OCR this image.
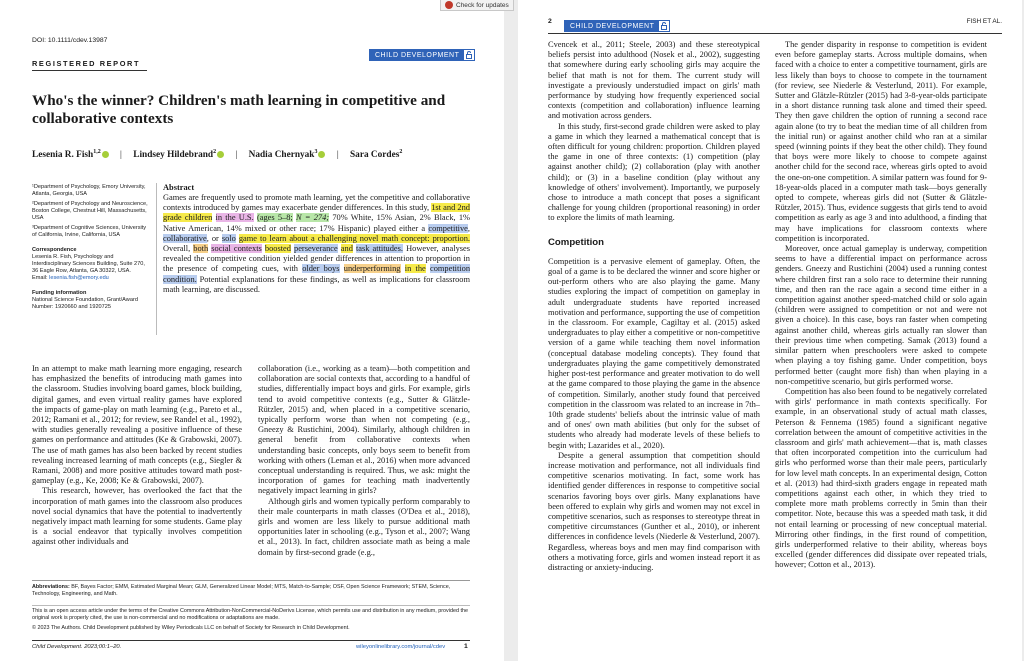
Check for updates
DOI: 10.1111/cdev.13987
CHILD DEVELOPMENT
REGISTERED REPORT
Who's the winner? Children's math learning in competitive and collaborative contexts
Lesenia R. Fish$^{1,2}$ | Lindsey Hildebrand$^2$ | Nadia Chernyak$^3$ | Sara Cordes$^2$
¹Department of Psychology, Emory University, Atlanta, Georgia, USA
²Department of Psychology and Neuroscience, Boston College, Chestnut Hill, Massachusetts, USA
³Department of Cognitive Sciences, University of California, Irvine, California, USA
Correspondence
Lesenia R. Fish, Psychology and Interdisciplinary Sciences Building, Suite 270, 36 Eagle Row, Atlanta, GA 30322, USA.
Email: lesenia.fish@emory.edu
Funding information
National Science Foundation, Grant/Award Number: 1920660 and 1920725
Abstract
Games are frequently used to promote math learning, yet the competitive and collaborative contexts introduced by games may exacerbate gender differences. In this study, 1st and 2nd grade children in the U.S. (ages 5–8; N = 274; 70% White, 15% Asian, 2% Black, 1% Native American, 14% mixed or other race; 17% Hispanic) played either a competitive, collaborative, or solo game to learn about a challenging novel math concept: proportion. Overall, both social contexts boosted perseverance and task attitudes. However, analyses revealed the competitive condition yielded gender differences in attention to proportion in the presence of competing cues, with older boys underperforming in the competition condition. Potential explanations for these findings, as well as implications for classroom math learning, are discussed.

In an attempt to make math learning more engaging, research has emphasized the benefits of introducing math games into the classroom. Studies involving board games, block building, digital games, and even virtual reality games have explored the impacts of game-play on math learning (e.g., Pareto et al., 2012; Ramani et al., 2012; for review, see Randel et al., 1992), with studies generally revealing a positive influence of these games on performance and attitudes (Ke & Grabowski, 2007). The use of math games has also been backed by recent studies revealing increased learning of math concepts (e.g., Siegler & Ramani, 2008) and more positive attitudes toward math post-gameplay (e.g., Ke, 2008; Ke & Grabowski, 2007).

This research, however, has overlooked the fact that the incorporation of math games into the classroom also produces novel social dynamics that have the potential to inadvertently negatively impact math learning for some students. Game play is a social endeavor that typically involves competition against other individuals and

collaboration (i.e., working as a team)—both competition and collaboration are social contexts that, according to a handful of studies, differentially impact boys and girls. For example, girls tend to avoid competitive contexts (e.g., Sutter & Glätzle-Rützler, 2015) and, when placed in a competitive scenario, typically perform worse than when not competing (e.g., Gneezy & Rustichini, 2004). Similarly, although children in general benefit from collaborative contexts when understanding basic concepts, only boys seem to benefit from working with others (Leman et al., 2016) when more advanced conceptual understanding is required. Thus, we ask: might the incorporation of games for teaching math inadvertently negatively impact learning in girls?

Although girls and women typically perform comparably to their male counterparts in math classes (O'Dea et al., 2018), girls and women are less likely to pursue additional math opportunities later in schooling (e.g., Tyson et al., 2007; Wang et al., 2013). In fact, children associate math as being a male domain by first-second grade (e.g.,

Abbreviations: BF, Bayes Factor; EMM, Estimated Marginal Mean; GLM, Generalized Linear Model; MTS, Match-to-Sample; OSF, Open Science Framework; STEM, Science, Technology, Engineering, and Math.
This is an open access article under the terms of the Creative Commons Attribution-NonCommercial-NoDerivs License, which permits use and distribution in any medium, provided the original work is properly cited, the use is non-commercial and no modifications or adaptations are made.
© 2023 The Authors. Child Development published by Wiley Periodicals LLC on behalf of Society for Research in Child Development.
Child Development. 2023;00:1–20.	wileyonlinelibrary.com/journal/cdev	1
2
CHILD DEVELOPMENT
FISH ET AL.

Cvencek et al., 2011; Steele, 2003) and these stereotypical beliefs persist into adulthood (Nosek et al., 2002), suggesting that somewhere during early schooling girls may acquire the belief that math is not for them. The current study will investigate a previously understudied impact on girls' math performance by studying how frequently experienced social contexts (competition and collaboration) influence learning and motivation across genders.

In this study, first-second grade children were asked to play a game in which they learned a mathematical concept that is often difficult for young children: proportion. Children played the game in one of three contexts: (1) competition (play against another child); (2) collaboration (play with another child); or (3) in a baseline condition (play without any knowledge of others' involvement). Importantly, we purposely chose to introduce a math concept that poses a significant challenge for young children (proportional reasoning) in order to explore the limits of math learning.

Competition

Competition is a pervasive element of gameplay. Often, the goal of a game is to be declared the winner and score higher or out-perform others who are also playing the game. Many studies exploring the impact of competition on gameplay in adult undergraduate students have reported increased motivation and performance, supporting the use of competition in the classroom. For example, Cagiltay et al. (2015) asked undergraduates to play either a competitive or non-competitive version of a game while teaching them novel information (conceptual database modeling concepts). They found that undergraduates playing the game competitively demonstrated higher post-test performance and greater motivation to do well at the game compared to those playing the game in the absence of competition. Similarly, another study found that perceived competition in the classroom was related to an increase in 7th–10th grade students' beliefs about the intrinsic value of math and of ones' own math abilities (but only for the subset of students who already had moderate levels of these beliefs to begin with; Lazarides et al., 2020).

Despite a general assumption that competition should increase motivation and performance, not all individuals find competitive scenarios motivating. In fact, some work has identified gender differences in response to competitive social scenarios favoring boys over girls. Many explanations have been offered to explain why girls and women may not excel in competitive scenarios, such as responses to stereotype threat in competitive circumstances (Gunther et al., 2010), or inherent differences in confidence levels (Niederle & Vesterlund, 2007). Regardless, whereas boys and men may find comparison with others a motivating force, girls and women instead report it as distracting or anxiety-inducing.

The gender disparity in response to competition is evident even before gameplay starts. Across multiple domains, when faced with a choice to enter a competitive tournament, girls are less likely than boys to choose to compete in the tournament (for review, see Niederle & Vesterlund, 2011). For example, Sutter and Glätzle-Rützler (2015) had 3-8-year-olds participate in a short distance running task alone and timed their speed. They then gave children the option of running a second race again alone (to try to beat the median time of all children from the initial run) or against another child who ran at a similar speed (winning points if they beat the other child). They found that boys were more likely to choose to compete against another child for the second race, whereas girls opted to avoid the one-on-one competition. A similar pattern was found for 9-18-year-olds placed in a computer math task—boys generally opted to compete, whereas girls did not (Sutter & Glätzle-Rützler, 2015). Thus, evidence suggests that girls tend to avoid competition as early as age 3 and into adulthood, a finding that may have implications for classroom contexts where competition is incorporated.

Moreover, once actual gameplay is underway, competition seems to have a differential impact on performance across genders. Gneezy and Rustichini (2004) used a running contest where children first ran a solo race to determine their running time, and then ran the race again a second time either in a competition against another speed-matched child or solo again (children were assigned to competition or not and were not given a choice). In this case, boys ran faster when competing against another child, whereas girls actually ran slower than their previous time when competing. Samak (2013) found a similar pattern when preschoolers were asked to compete when playing a toy fishing game. Under competition, boys performed better (caught more fish) than when playing in a non-competitive scenario, but girls performed worse.

Competition has also been found to be negatively correlated with girls' performance in math contexts specifically. For example, in an observational study of actual math classes, Peterson & Fennema (1985) found a significant negative correlation between the amount of competitive activities in the classroom and girls' math achievement—that is, math classes that often incorporated competition into the curriculum had girls who performed worse than their male peers, particularly for low level math concepts. In an experimental design, Cotton et al. (2013) had third-sixth graders engage in repeated math competitions against each other, in which they tried to complete more math problems correctly in 5min than their competitor. Note, because this was a speeded math task, it did not entail learning or processing of new conceptual material. Mirroring other findings, in the first round of competition, girls underperformed relative to their ability, whereas boys excelled (gender differences did dissipate over repeated trials, however; Cotton et al., 2013).
